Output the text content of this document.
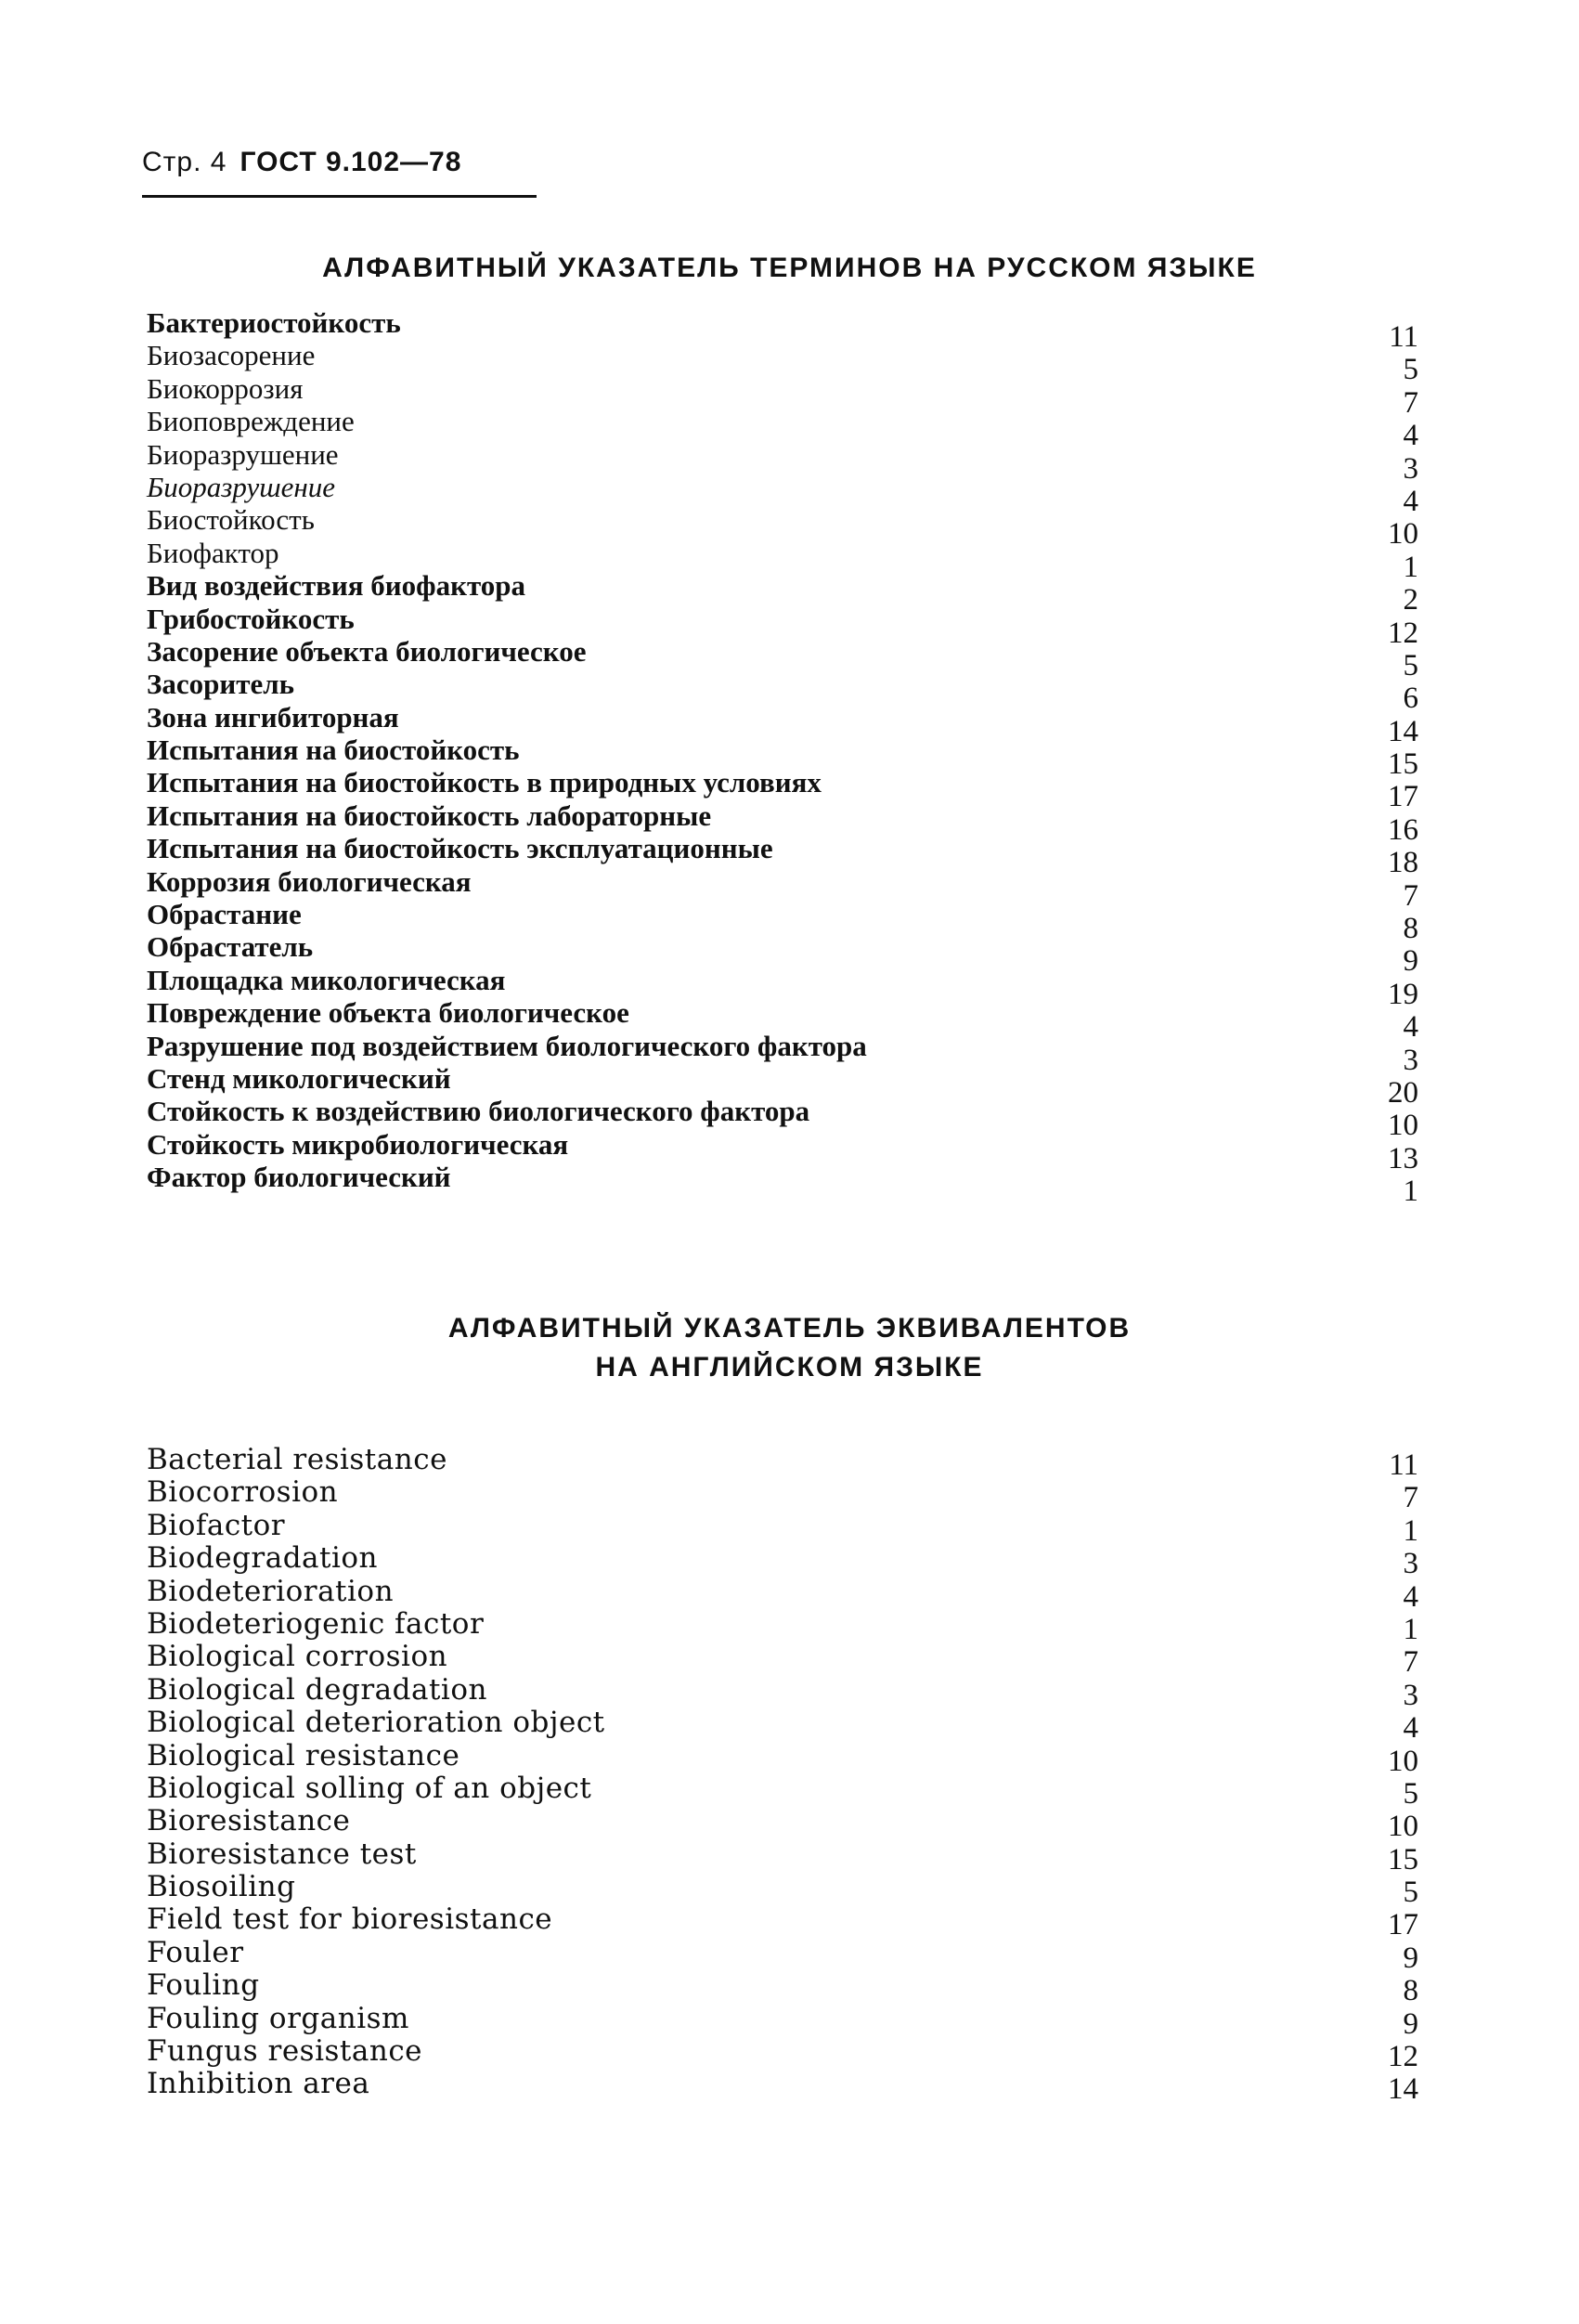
Стр. 4 ГОСТ 9.102—78
АЛФАВИТНЫЙ УКАЗАТЕЛЬ ТЕРМИНОВ НА РУССКОМ ЯЗЫКЕ
Бактериостойкость	11
Биозасорение	5
Биокоррозия	7
Биоповреждение	4
Биоразрушение	3
Биоразрушение	4
Биостойкость	10
Биофактор	1
Вид воздействия биофактора	2
Грибостойкость	12
Засорение объекта биологическое	5
Засоритель	6
Зона ингибиторная	14
Испытания на биостойкость	15
Испытания на биостойкость в природных условиях	17
Испытания на биостойкость лабораторные	16
Испытания на биостойкость эксплуатационные	18
Коррозия биологическая	7
Обрастание	8
Обрастатель	9
Площадка микологическая	19
Повреждение объекта биологическое	4
Разрушение под воздействием биологического фактора	3
Стенд микологический	20
Стойкость к воздействию биологического фактора	10
Стойкость микробиологическая	13
Фактор биологический	1
АЛФАВИТНЫЙ УКАЗАТЕЛЬ ЭКВИВАЛЕНТОВ
НА АНГЛИЙСКОМ ЯЗЫКЕ
Bacterial resistance	11
Biocorrosion	7
Biofactor	1
Biodegradation	3
Biodeterioration	4
Biodeteriogenic factor	1
Biological corrosion	7
Biological degradation	3
Biological deterioration object	4
Biological resistance	10
Biological solling of an object	5
Bioresistance	10
Bioresistance test	15
Biosoiling	5
Field test for bioresistance	17
Fouler	9
Fouling	8
Fouling organism	9
Fungus resistance	12
Inhibition area	14
